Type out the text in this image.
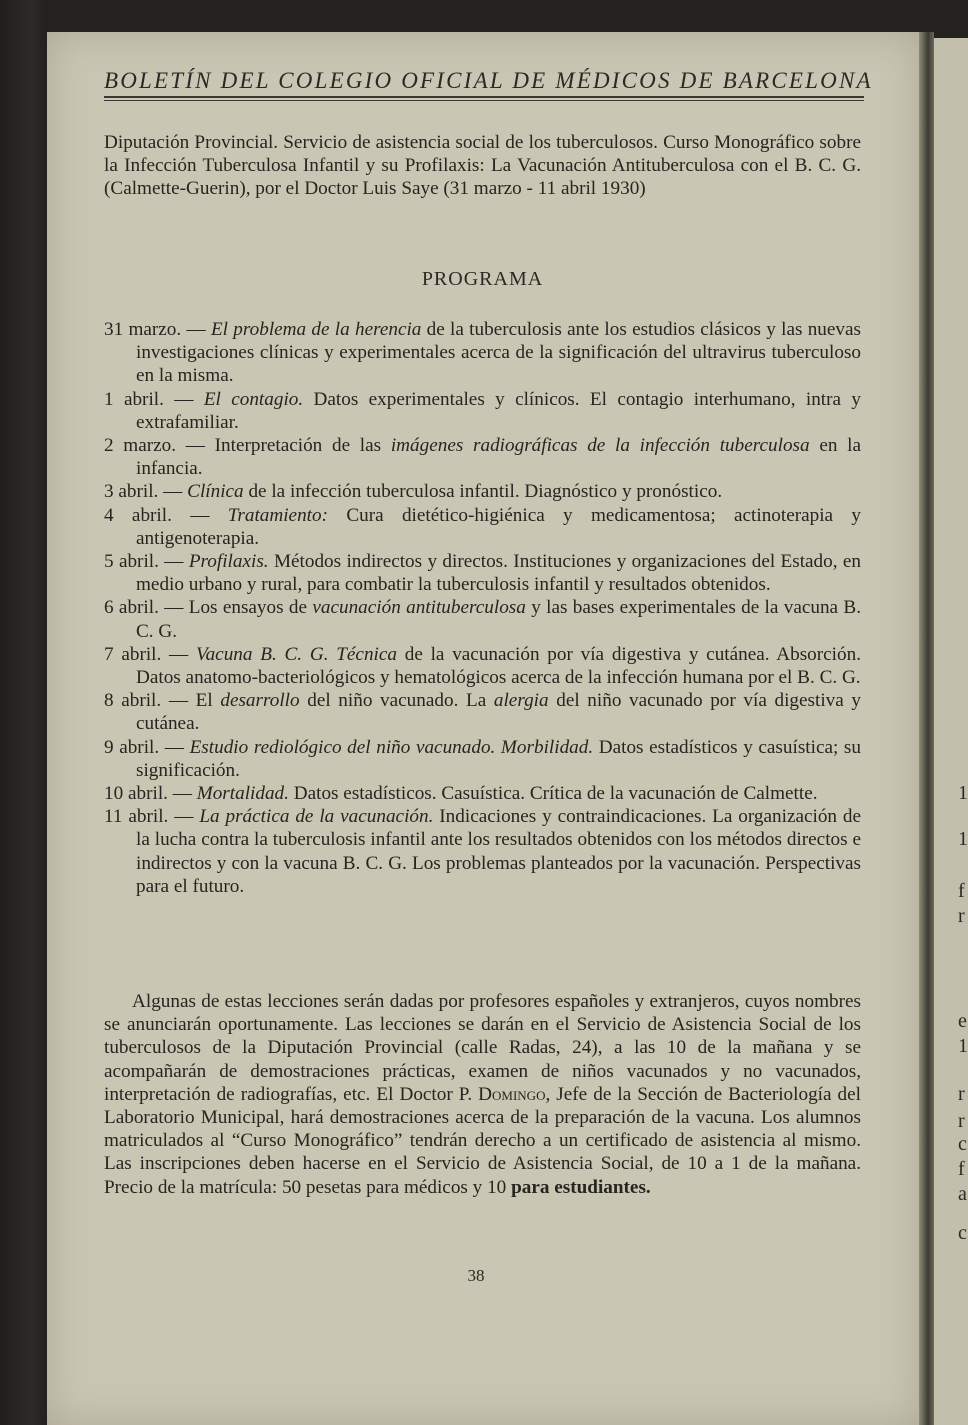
1
1
f
r
e
1
r
r
c
f
a
c
BOLETÍN DEL COLEGIO OFICIAL DE MÉDICOS DE BARCELONA

Diputación Provincial. Servicio de asistencia social de los tuberculosos. Curso Monográfico sobre la Infección Tuberculosa Infantil y su Profilaxis: La Vacunación Antituberculosa con el B. C. G. (Calmette-Guerin), por el Doctor Luis Saye (31 marzo - 11 abril 1930)

PROGRAMA

31 marzo. — El problema de la herencia de la tuberculosis ante los estudios clásicos y las nuevas investigaciones clínicas y experimentales acerca de la significación del ultravirus tuberculoso en la misma.

1 abril. — El contagio. Datos experimentales y clínicos. El contagio interhumano, intra y extrafamiliar.

2 marzo. — Interpretación de las imágenes radiográficas de la infección tuberculosa en la infancia.

3 abril. — Clínica de la infección tuberculosa infantil. Diagnóstico y pronóstico.

4 abril. — Tratamiento: Cura dietético-higiénica y medicamentosa; actinoterapia y antigenoterapia.

5 abril. — Profilaxis. Métodos indirectos y directos. Instituciones y organizaciones del Estado, en medio urbano y rural, para combatir la tuberculosis infantil y resultados obtenidos.

6 abril. — Los ensayos de vacunación antituberculosa y las bases experimentales de la vacuna B. C. G.

7 abril. — Vacuna B. C. G. Técnica de la vacunación por vía digestiva y cutánea. Absorción. Datos anatomo-bacteriológicos y hematológicos acerca de la infección humana por el B. C. G.

8 abril. — El desarrollo del niño vacunado. La alergia del niño vacunado por vía digestiva y cutánea.

9 abril. — Estudio rediológico del niño vacunado. Morbilidad. Datos estadísticos y casuística; su significación.

10 abril. — Mortalidad. Datos estadísticos. Casuística. Crítica de la vacunación de Calmette.

11 abril. — La práctica de la vacunación. Indicaciones y contraindicaciones. La organización de la lucha contra la tuberculosis infantil ante los resultados obtenidos con los métodos directos e indirectos y con la vacuna B. C. G. Los problemas planteados por la vacunación. Perspectivas para el futuro.

Algunas de estas lecciones serán dadas por profesores españoles y extranjeros, cuyos nombres se anunciarán oportunamente. Las lecciones se darán en el Servicio de Asistencia Social de los tuberculosos de la Diputación Provincial (calle Radas, 24), a las 10 de la mañana y se acompañarán de demostraciones prácticas, examen de niños vacunados y no vacunados, interpretación de radiografías, etc. El Doctor P. Domingo, Jefe de la Sección de Bacteriología del Laboratorio Municipal, hará demostraciones acerca de la preparación de la vacuna. Los alumnos matriculados al “Curso Monográfico” tendrán derecho a un certificado de asistencia al mismo. Las inscripciones deben hacerse en el Servicio de Asistencia Social, de 10 a 1 de la mañana. Precio de la matrícula: 50 pesetas para médicos y 10 para estudiantes.

38
